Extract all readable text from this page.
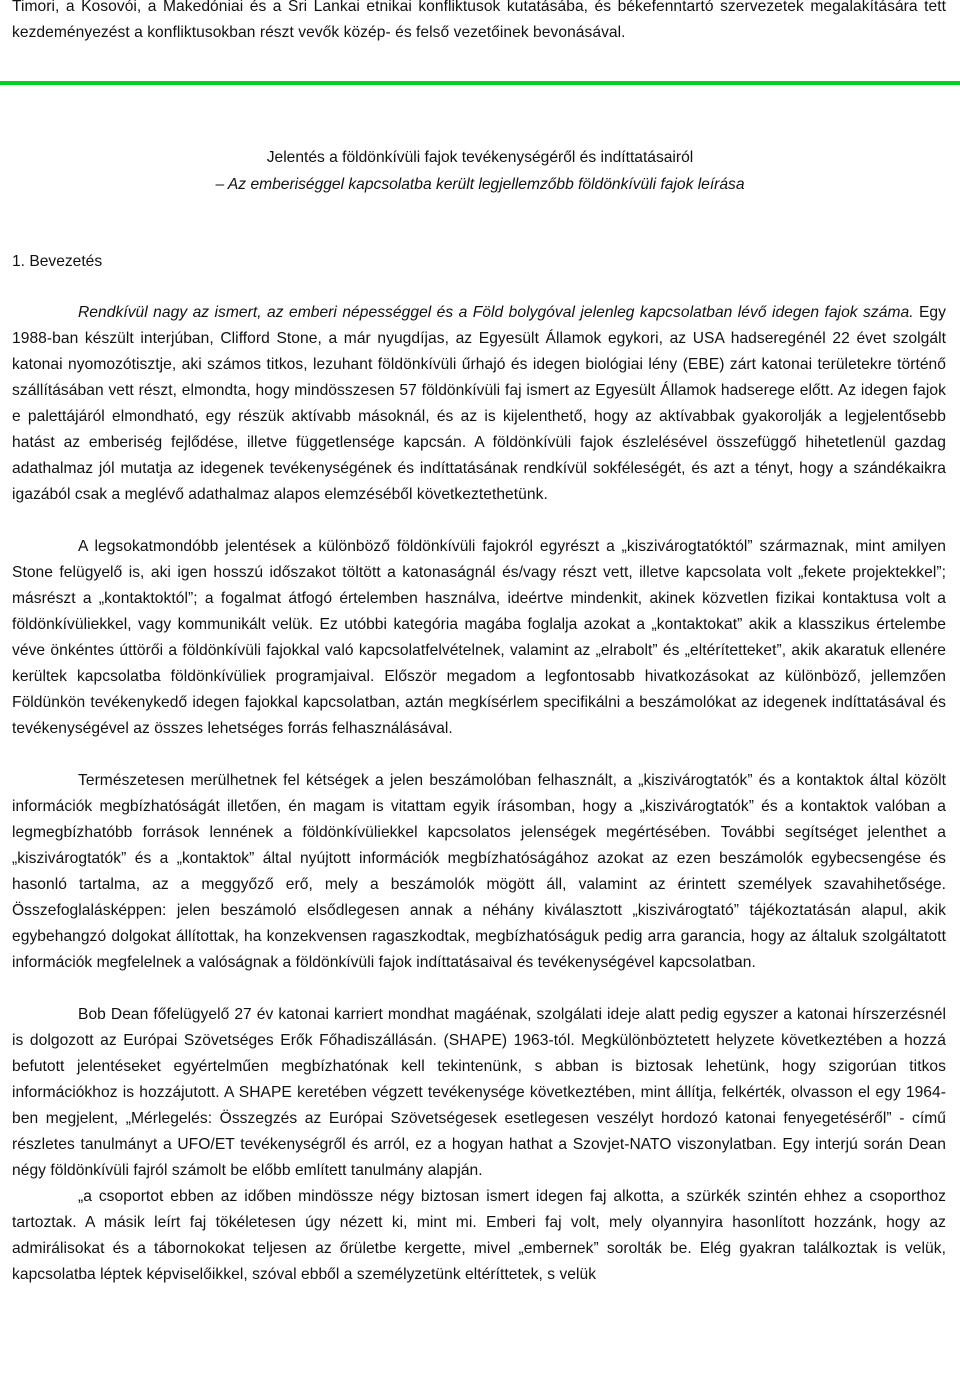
Timori, a Kosovói, a Makedóniai és a Sri Lankai etnikai konfliktusok kutatásába, és békefenntartó szervezetek megalakítására tett kezdeményezést a konfliktusokban részt vevők közép- és felső vezetőinek bevonásával.

Jelentés a földönkívüli fajok tevékenységéről és indíttatásairól
– Az emberiséggel kapcsolatba került legjellemzőbb földönkívüli fajok leírása
1. Bevezetés

Rendkívül nagy az ismert, az emberi népességgel és a Föld bolygóval jelenleg kapcsolatban lévő idegen fajok száma. Egy 1988-ban készült interjúban, Clifford Stone, a már nyugdíjas, az Egyesült Államok egykori, az USA hadseregénél 22 évet szolgált katonai nyomozótisztje, aki számos titkos, lezuhant földönkívüli űrhajó és idegen biológiai lény (EBE) zárt katonai területekre történő szállításában vett részt, elmondta, hogy mindösszesen 57 földönkívüli faj ismert az Egyesült Államok hadserege előtt. Az idegen fajok e palettájáról elmondható, egy részük aktívabb másoknál, és az is kijelenthető, hogy az aktívabbak gyakorolják a legjelentősebb hatást az emberiség fejlődése, illetve függetlensége kapcsán. A földönkívüli fajok észlelésével összefüggő hihetetlenül gazdag adathalmaz jól mutatja az idegenek tevékenységének és indíttatásának rendkívül sokféleségét, és azt a tényt, hogy a szándékaikra igazából csak a meglévő adathalmaz alapos elemzéséből következtethetünk.

A legsokatmondóbb jelentések a különböző földönkívüli fajokról egyrészt a „kiszivárogtatóktól” származnak, mint amilyen Stone felügyelő is, aki igen hosszú időszakot töltött a katonaságnál és/vagy részt vett, illetve kapcsolata volt „fekete projektekkel”; másrészt a „kontaktoktól”; a fogalmat átfogó értelemben használva, ideértve mindenkit, akinek közvetlen fizikai kontaktusa volt a földönkívüliekkel, vagy kommunikált velük. Ez utóbbi kategória magába foglalja azokat a „kontaktokat” akik a klasszikus értelembe véve önkéntes úttörői a földönkívüli fajokkal való kapcsolatfelvételnek, valamint az „elrabolt” és „eltérítetteket”, akik akaratuk ellenére kerültek kapcsolatba földönkívüliek programjaival. Először megadom a legfontosabb hivatkozásokat az különböző, jellemzően Földünkön tevékenykedő idegen fajokkal kapcsolatban, aztán megkísérlem specifikálni a beszámolókat az idegenek indíttatásával és tevékenységével az összes lehetséges forrás felhasználásával.

Természetesen merülhetnek fel kétségek a jelen beszámolóban felhasznált, a „kiszivárogtatók” és a kontaktok által közölt információk megbízhatóságát illetően, én magam is vitattam egyik írásomban, hogy a „kiszivárogtatók” és a kontaktok valóban a legmegbízhatóbb források lennének a földönkívüliekkel kapcsolatos jelenségek megértésében. További segítséget jelenthet a „kiszivárogtatók” és a „kontaktok” által nyújtott információk megbízhatóságához azokat az ezen beszámolók egybecsengése és hasonló tartalma, az a meggyőző erő, mely a beszámolók mögött áll, valamint az érintett személyek szavahihetősége. Összefoglalásképpen: jelen beszámoló elsődlegesen annak a néhány kiválasztott „kiszivárogtató” tájékoztatásán alapul, akik egybehangzó dolgokat állítottak, ha konzekvensen ragaszkodtak, megbízhatóságuk pedig arra garancia, hogy az általuk szolgáltatott információk megfelelnek a valóságnak a földönkívüli fajok indíttatásaival és tevékenységével kapcsolatban.

Bob Dean főfelügyelő 27 év katonai karriert mondhat magáénak, szolgálati ideje alatt pedig egyszer a katonai hírszerzésnél is dolgozott az Európai Szövetséges Erők Főhadiszállásán. (SHAPE) 1963-tól. Megkülönböztetett helyzete következtében a hozzá befutott jelentéseket egyértelműen megbízhatónak kell tekintenünk, s abban is biztosak lehetünk, hogy szigorúan titkos információkhoz is hozzájutott. A SHAPE keretében végzett tevékenysége következtében, mint állítja, felkérték, olvasson el egy 1964-ben megjelent, „Mérlegelés: Összegzés az Európai Szövetségesek esetlegesen veszélyt hordozó katonai fenyegetéséről” - című részletes tanulmányt a UFO/ET tevékenységről és arról, ez a hogyan hathat a Szovjet-NATO viszonylatban. Egy interjú során Dean négy földönkívüli fajról számolt be előbb említett tanulmány alapján.

„a csoportot ebben az időben mindössze négy biztosan ismert idegen faj alkotta, a szürkék szintén ehhez a csoporthoz tartoztak. A másik leírt faj tökéletesen úgy nézett ki, mint mi. Emberi faj volt, mely olyannyira hasonlított hozzánk, hogy az admirálisokat és a tábornokokat teljesen az őrületbe kergette, mivel „embernek” sorolták be. Elég gyakran találkoztak is velük, kapcsolatba léptek képviselőikkel, szóval ebből a személyzetünk eltéríttetek, s velük
